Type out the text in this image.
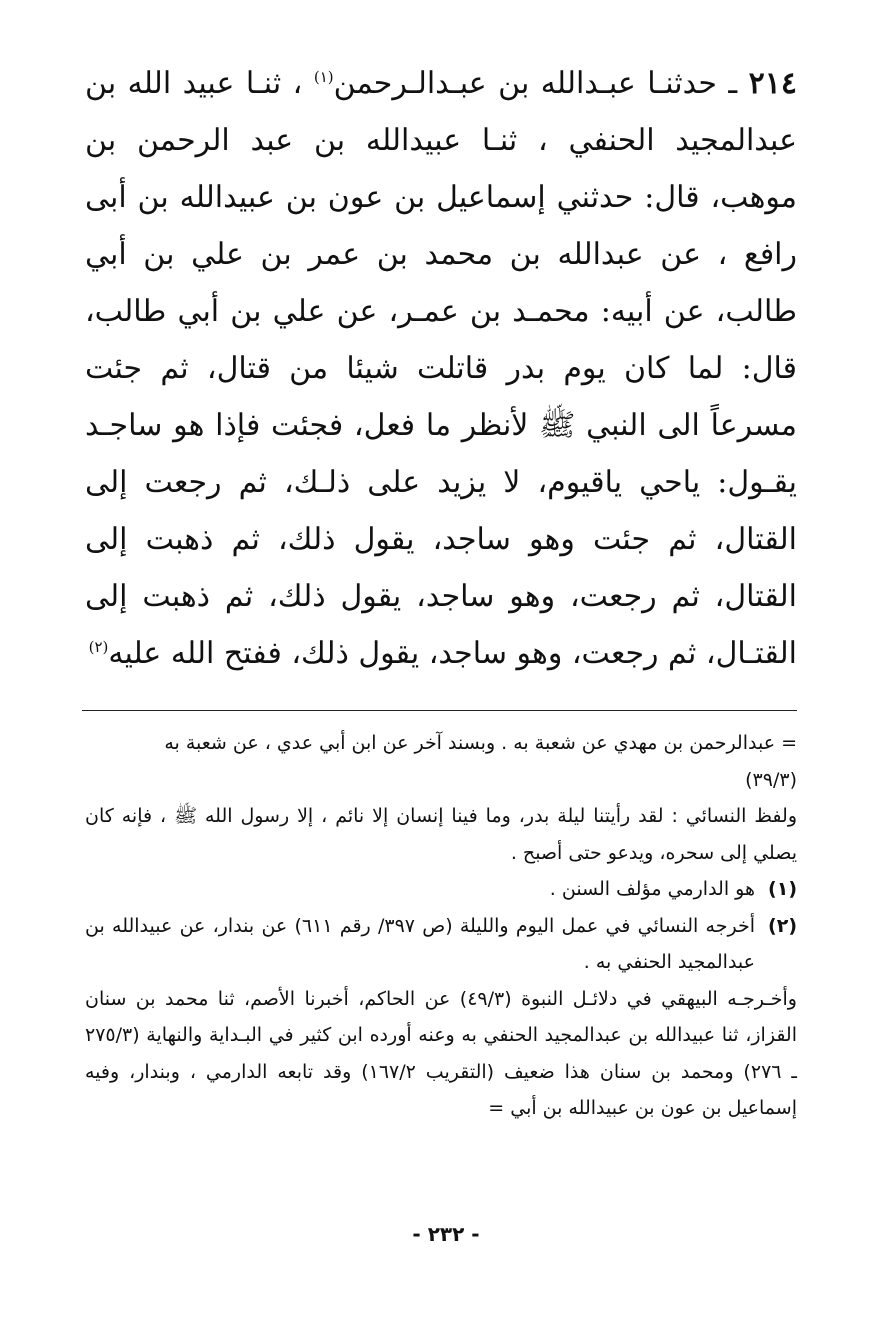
٢١٤ ـ حدثنـا عبـدالله بن عبـدالـرحمن$^{(١)}$ ، ثنـا عبيد الله بن عبدالمجيد الحنفي ، ثنـا عبيدالله بن عبد الرحمن بن موهب، قال: حدثني إسماعيل بن عون بن عبيدالله بن أبى رافع ، عن عبدالله بن محمد بن عمر بن علي بن أبي طالب، عن أبيه: محمـد بن عمـر، عن علي بن أبي طالب، قال: لما كان يوم بدر قاتلت شيئا من قتال، ثم جئت مسرعاً الى النبي ﷺ لأنظر ما فعل، فجئت فإذا هو ساجـد يقـول: ياحي ياقيوم، لا يزيد على ذلـك، ثم رجعت إلى القتال، ثم جئت وهو ساجد، يقول ذلك، ثم ذهبت إلى القتال، ثم رجعت، وهو ساجد، يقول ذلك، ثم ذهبت إلى القتـال، ثم رجعت، وهو ساجد، يقول ذلك، ففتح الله عليه$^{(٢)}$
= عبدالرحمن بن مهدي عن شعبة به . وبسند آخر عن ابن أبي عدي ، عن شعبة به
(٣٩/٣)
ولفظ النسائي : لقد رأيتنا ليلة بدر، وما فينا إنسان إلا نائم ، إلا رسول الله ﷺ ، فإنه كان يصلي إلى سحره، ويدعو حتى أصبح .
(١)
هو الدارمي مؤلف السنن .
(٢)
أخرجه النسائي في عمل اليوم والليلة (ص ٣٩٧/ رقم ٦١١) عن بندار، عن عبيدالله بن عبدالمجيد الحنفي به .
وأخـرجـه البيهقي في دلائـل النبوة (٤٩/٣) عن الحاكم، أخبرنا الأصم، ثنا محمد بن سنان القزاز، ثنا عبيدالله بن عبدالمجيد الحنفي به وعنه أورده ابن كثير في البـداية والنهاية (٢٧٥/٣ ـ ٢٧٦) ومحمد بن سنان هذا ضعيف (التقريب ١٦٧/٢) وقد تابعه الدارمي ، وبندار، وفيه إسماعيل بن عون بن عبيدالله بن أبي =
- ٢٣٢ -
